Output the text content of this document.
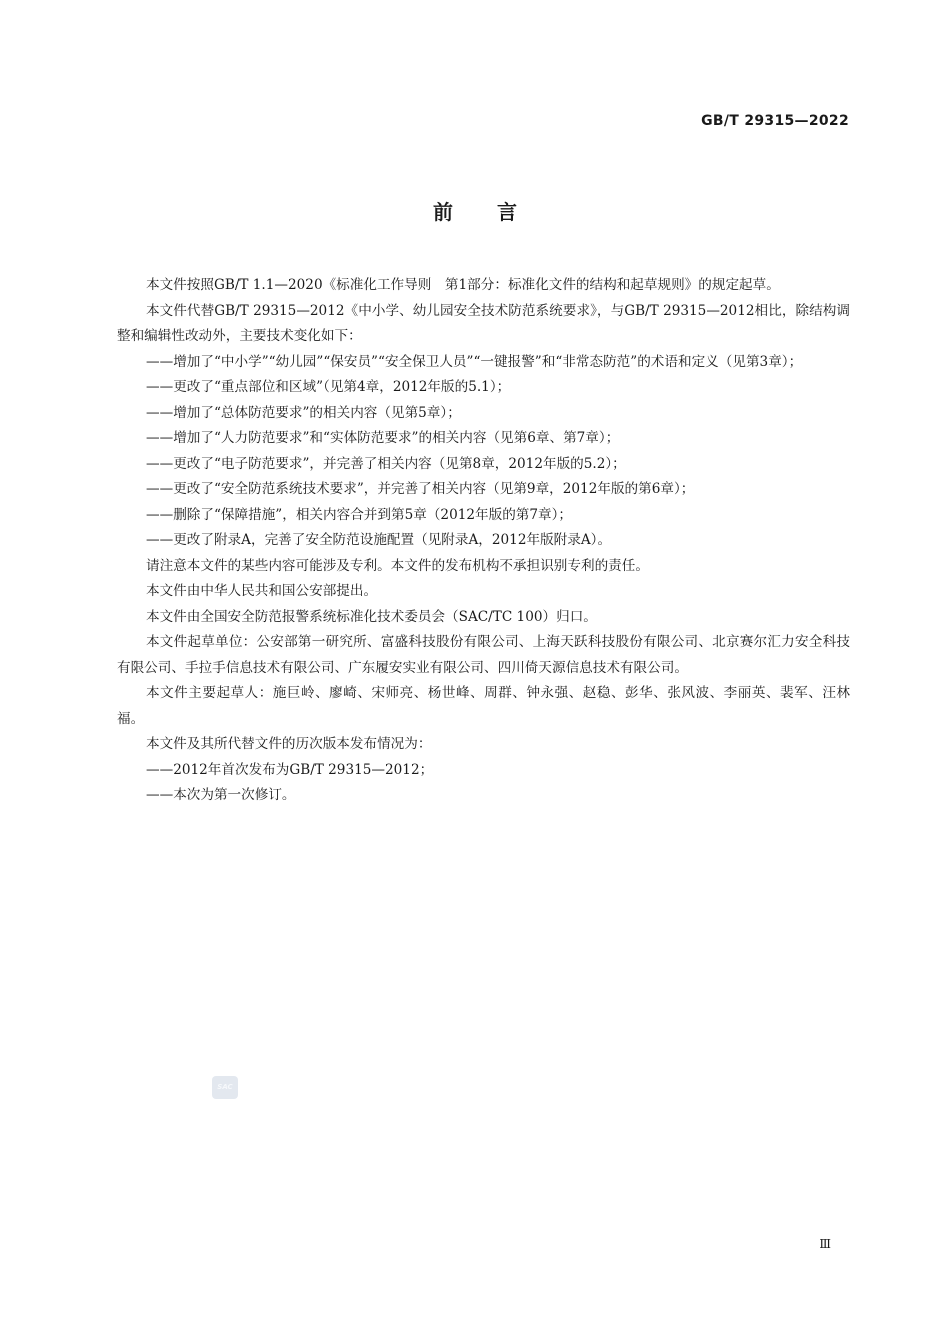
GB/T 29315—2022
前言

本文件按照GB/T 1.1—2020《标准化工作导则　第1部分：标准化文件的结构和起草规则》的规定起草。

本文件代替GB/T 29315—2012《中小学、幼儿园安全技术防范系统要求》，与GB/T 29315—2012相比，除结构调整和编辑性改动外，主要技术变化如下：

——增加了“中小学”“幼儿园”“保安员”“安全保卫人员”“一键报警”和“非常态防范”的术语和定义（见第3章）；

——更改了“重点部位和区域”（见第4章，2012年版的5.1）；

——增加了“总体防范要求”的相关内容（见第5章）；

——增加了“人力防范要求”和“实体防范要求”的相关内容（见第6章、第7章）；

——更改了“电子防范要求”，并完善了相关内容（见第8章，2012年版的5.2）；

——更改了“安全防范系统技术要求”，并完善了相关内容（见第9章，2012年版的第6章）；

——删除了“保障措施”，相关内容合并到第5章（2012年版的第7章）；

——更改了附录A，完善了安全防范设施配置（见附录A，2012年版附录A）。

请注意本文件的某些内容可能涉及专利。本文件的发布机构不承担识别专利的责任。

本文件由中华人民共和国公安部提出。

本文件由全国安全防范报警系统标准化技术委员会（SAC/TC 100）归口。

本文件起草单位：公安部第一研究所、富盛科技股份有限公司、上海天跃科技股份有限公司、北京赛尔汇力安全科技有限公司、手拉手信息技术有限公司、广东履安实业有限公司、四川倚天源信息技术有限公司。

本文件主要起草人：施巨岭、廖崎、宋师亮、杨世峰、周群、钟永强、赵稳、彭华、张风波、李丽英、裴军、汪林福。

本文件及其所代替文件的历次版本发布情况为：

——2012年首次发布为GB/T 29315—2012；

——本次为第一次修订。

SAC
Ⅲ
